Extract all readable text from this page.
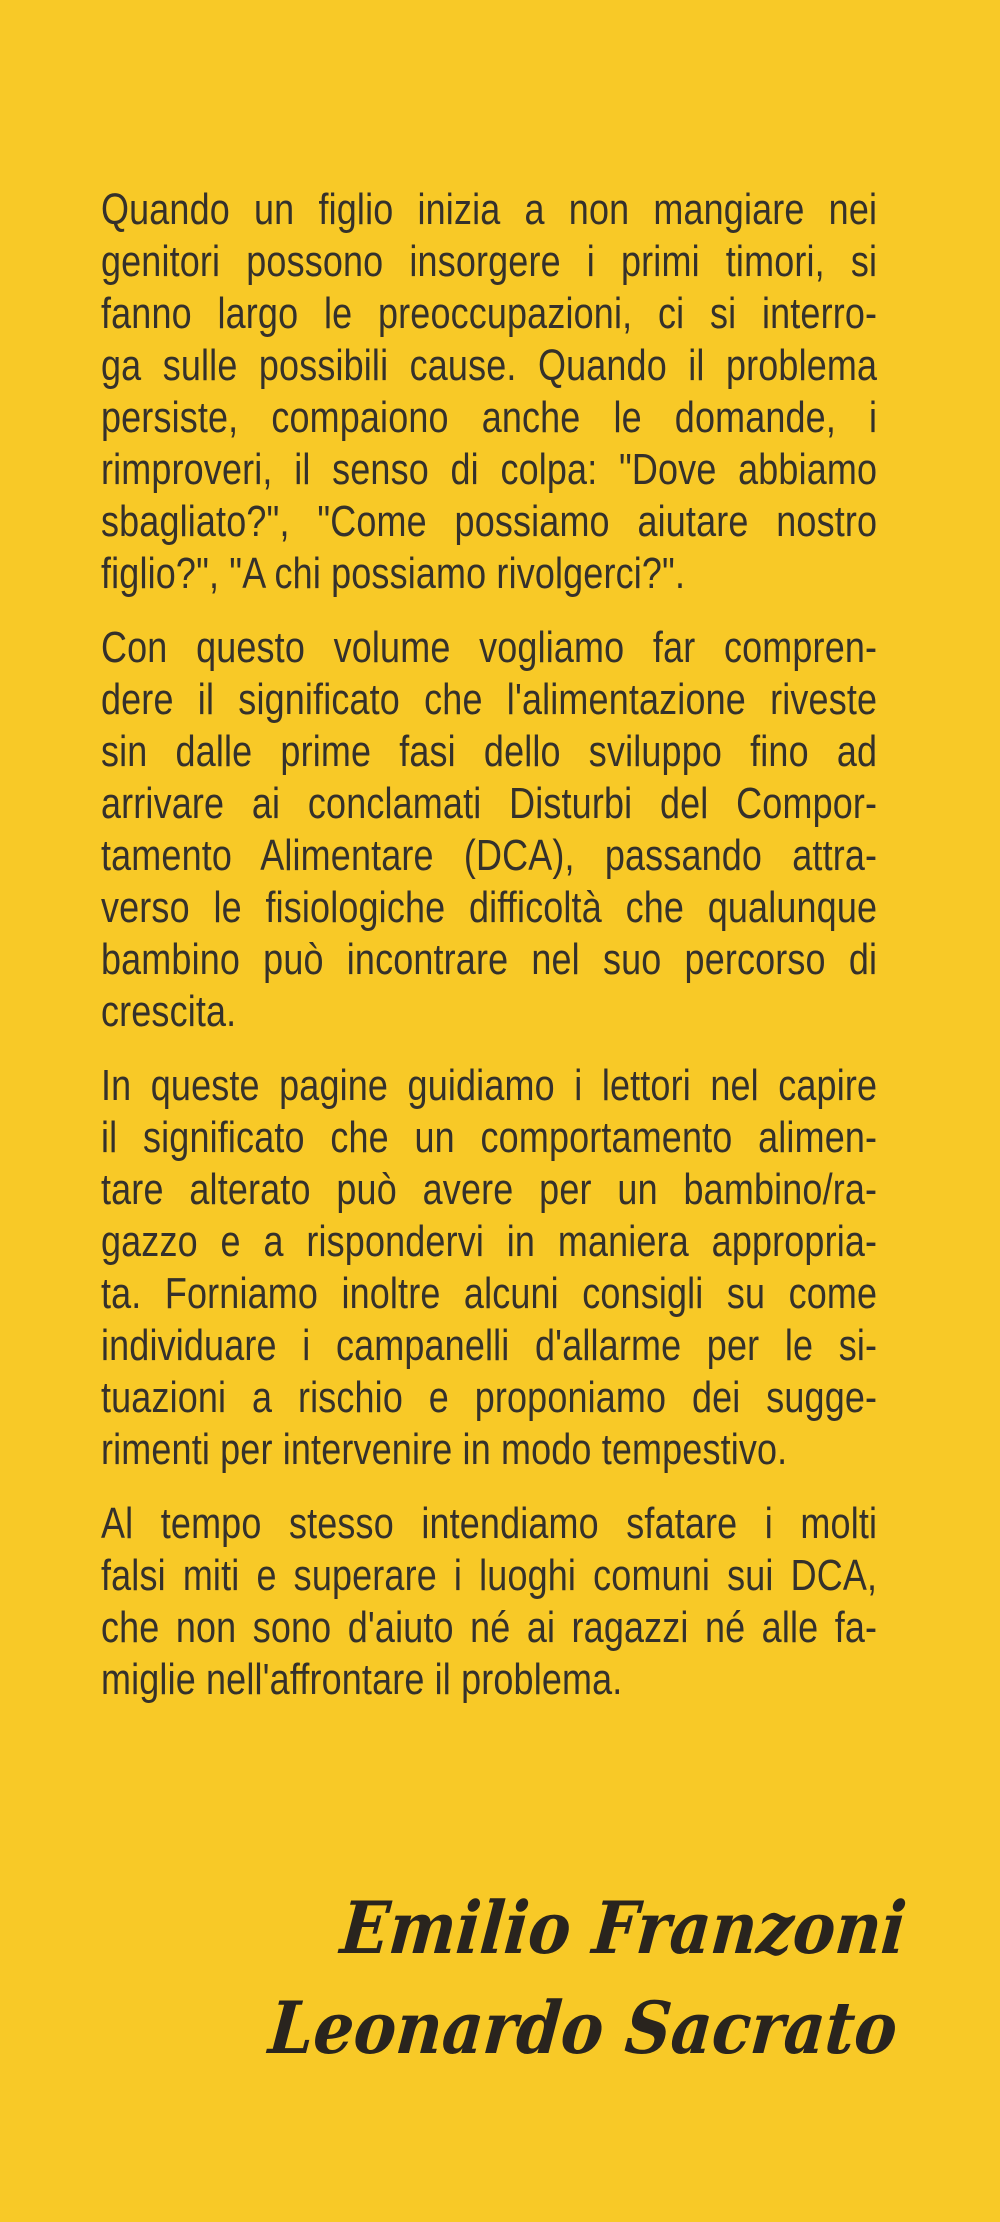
Quando un figlio inizia a non mangiare nei
genitori possono insorgere i primi timori, si
fanno largo le preoccupazioni, ci si interro-
ga sulle possibili cause. Quando il problema
persiste, compaiono anche le domande, i
rimproveri, il senso di colpa: "Dove abbiamo
sbagliato?", "Come possiamo aiutare nostro
figlio?", "A chi possiamo rivolgerci?".
Con questo volume vogliamo far compren-
dere il significato che l'alimentazione riveste
sin dalle prime fasi dello sviluppo fino ad
arrivare ai conclamati Disturbi del Compor-
tamento Alimentare (DCA), passando attra-
verso le fisiologiche difficoltà che qualunque
bambino può incontrare nel suo percorso di
crescita.
In queste pagine guidiamo i lettori nel capire
il significato che un comportamento alimen-
tare alterato può avere per un bambino/ra-
gazzo e a rispondervi in maniera appropria-
ta. Forniamo inoltre alcuni consigli su come
individuare i campanelli d'allarme per le si-
tuazioni a rischio e proponiamo dei sugge-
rimenti per intervenire in modo tempestivo.
Al tempo stesso intendiamo sfatare i molti
falsi miti e superare i luoghi comuni sui DCA,
che non sono d'aiuto né ai ragazzi né alle fa-
miglie nell'affrontare il problema.
Emilio Franzoni
Leonardo Sacrato
